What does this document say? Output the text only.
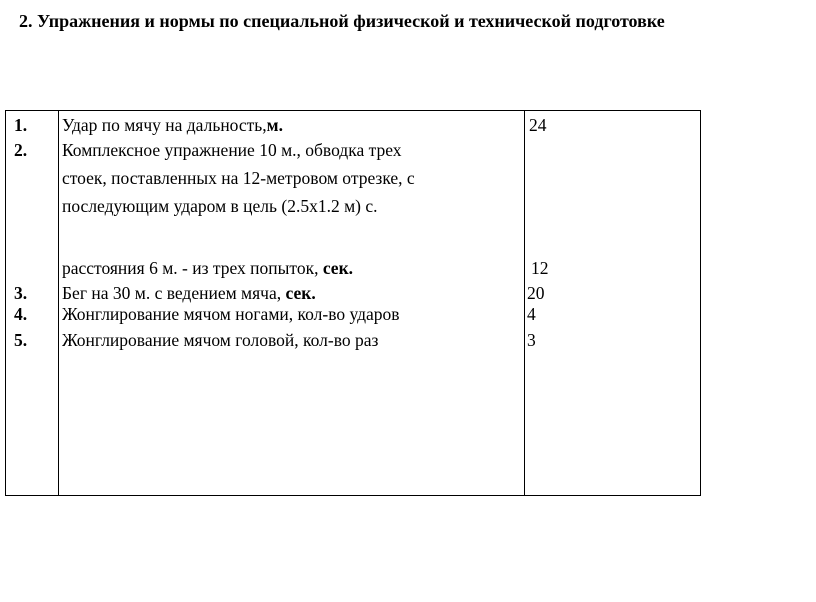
2. Упражнения и нормы по специальной физической и технической подготовке
1. Удар по мячу на дальность,м.	24
2. Комплексное упражнение 10 м., обводка трех
стоек, поставленных на 12-метровом отрезке, с
последующим ударом в цель (2.5х1.2 м) с.
расстояния 6 м. - из трех попыток, сек.	12
3. Бег на 30 м. с ведением мяча, сек.	20
4. Жонглирование мячом ногами, кол-во ударов	4
5. Жонглирование мячом головой, кол-во раз	3
